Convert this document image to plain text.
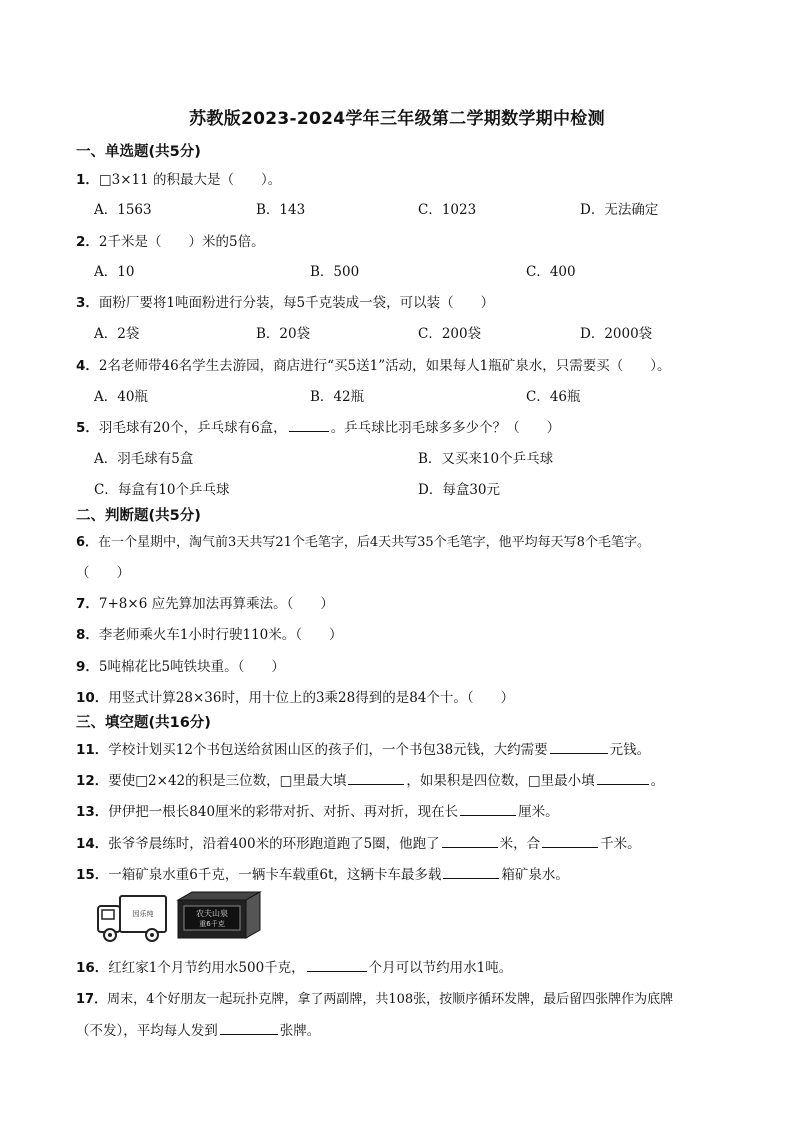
苏教版2023-2024学年三年级第二学期数学期中检测
一、单选题(共5分)
1．□3×11 的积最大是（　　）。
A．1563	B．143	C．1023	D．无法确定
2．2千米是（　　）米的5倍。
A．10	B．500	C．400
3．面粉厂要将1吨面粉进行分装，每5千克装成一袋，可以装（　　）
A．2袋	B．20袋	C．200袋	D．2000袋
4．2名老师带46名学生去游园，商店进行“买5送1”活动，如果每人1瓶矿泉水，只需要买（　　）。
A．40瓶	B．42瓶	C．46瓶
5．羽毛球有20个，乒乓球有6盒，	。乒乓球比羽毛球多多少个？（　　）
A．羽毛球有5盒	B．又买来10个乒乓球
C．每盒有10个乒乓球	D．每盒30元
二、判断题(共5分)
6．在一个星期中，淘气前3天共写21个毛笔字，后4天共写35个毛笔字，他平均每天写8个毛笔字。
（　　）
7．7+8×6 应先算加法再算乘法。（　　）
8．李老师乘火车1小时行驶110米。（　　）
9．5吨棉花比5吨铁块重。（　　）
10．用竖式计算28×36时，用十位上的3乘28得到的是84个十。（　　）
三、填空题(共16分)
11．学校计划买12个书包送给贫困山区的孩子们，一个书包38元钱，大约需要	元钱。
12．要使□2×42的积是三位数，□里最大填	，如果积是四位数，□里最小填	。
13．伊伊把一根长840厘米的彩带对折、对折、再对折，现在长	厘米。
14．张爷爷晨练时，沿着400米的环形跑道跑了5圈，他跑了	米，合	千米。
15．一箱矿泉水重6千克，一辆卡车载重6t，这辆卡车最多载	箱矿泉水。
因乐纯	农夫山泉
重6千克
16．红红家1个月节约用水500千克，	个月可以节约用水1吨。
17．周末，4个好朋友一起玩扑克牌，拿了两副牌，共108张，按顺序循环发牌，最后留四张牌作为底牌
（不发），平均每人发到	张牌。
